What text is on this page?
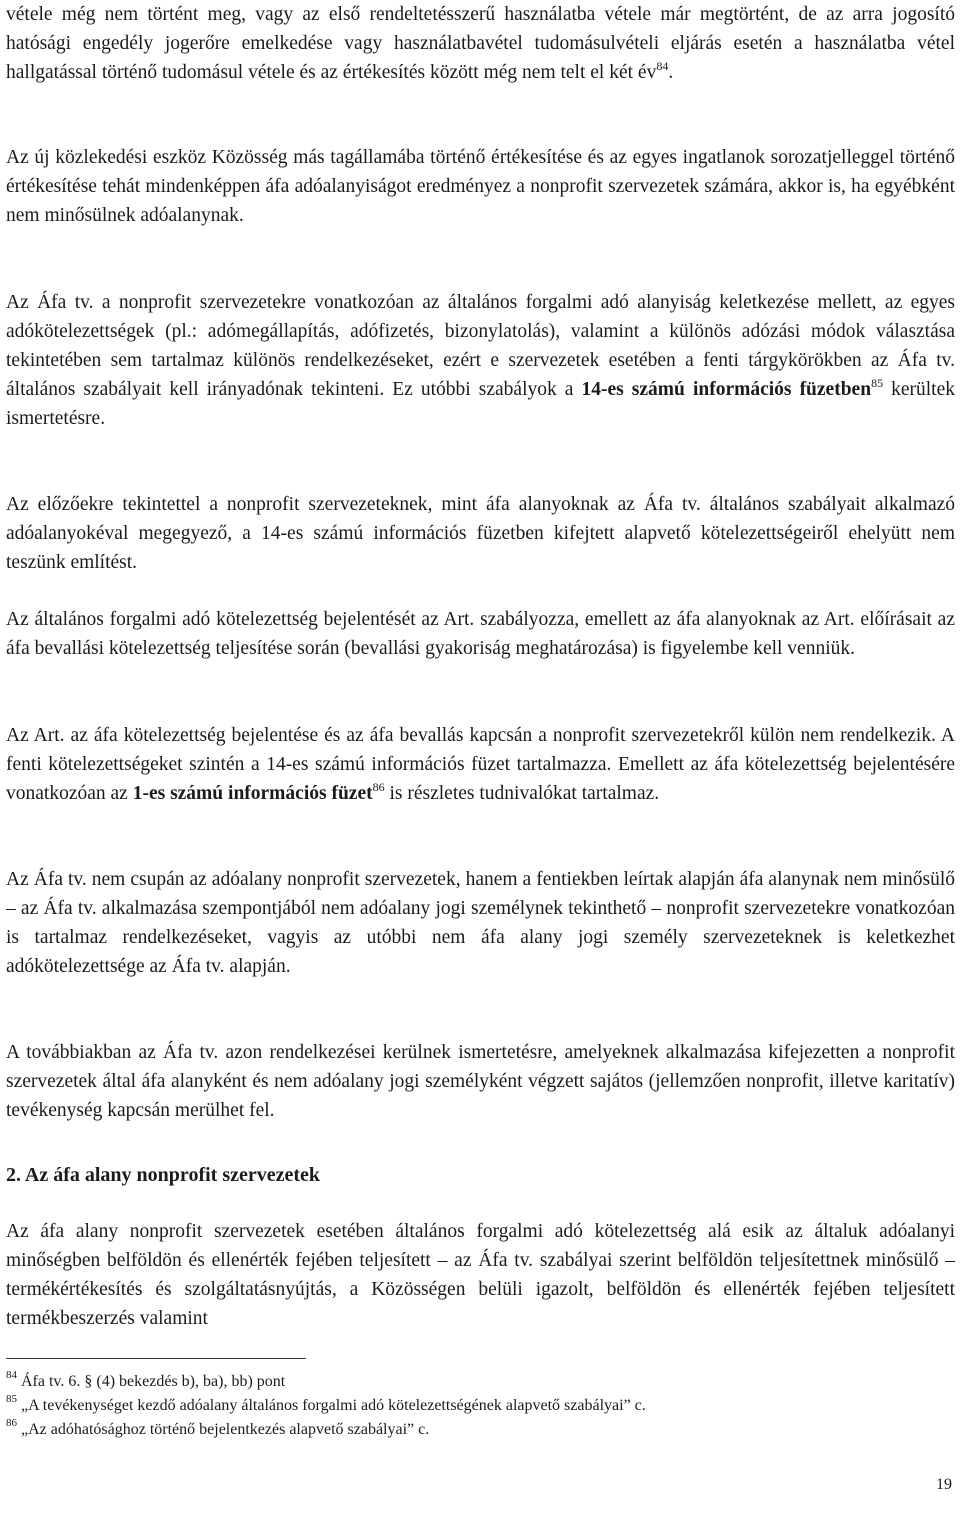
vétele még nem történt meg, vagy az első rendeltetésszerű használatba vétele már megtörtént, de az arra jogosító hatósági engedély jogerőre emelkedése vagy használatbavétel tudomásulvételi eljárás esetén a használatba vétel hallgatással történő tudomásul vétele és az értékesítés között még nem telt el két $év^{84}$.

Az új közlekedési eszköz Közösség más tagállamába történő értékesítése és az egyes ingatlanok sorozatjelleggel történő értékesítése tehát mindenképpen áfa adóalanyiságot eredményez a nonprofit szervezetek számára, akkor is, ha egyébként nem minősülnek adóalanynak.

Az Áfa tv. a nonprofit szervezetekre vonatkozóan az általános forgalmi adó alanyiság keletkezése mellett, az egyes adókötelezettségek (pl.: adómegállapítás, adófizetés, bizonylatolás), valamint a különös adózási módok választása tekintetében sem tartalmaz különös rendelkezéseket, ezért e szervezetek esetében a fenti tárgykörökben az Áfa tv. általános szabályait kell irányadónak tekinteni. Ez utóbbi szabályok a 14-es számú információs füzetben$^{85}$ kerültek ismertetésre.

Az előzőekre tekintettel a nonprofit szervezeteknek, mint áfa alanyoknak az Áfa tv. általános szabályait alkalmazó adóalanyokéval megegyező, a 14-es számú információs füzetben kifejtett alapvető kötelezettségeiről ehelyütt nem teszünk említést.

Az általános forgalmi adó kötelezettség bejelentését az Art. szabályozza, emellett az áfa alanyoknak az Art. előírásait az áfa bevallási kötelezettség teljesítése során (bevallási gyakoriság meghatározása) is figyelembe kell venniük.

Az Art. az áfa kötelezettség bejelentése és az áfa bevallás kapcsán a nonprofit szervezetekről külön nem rendelkezik. A fenti kötelezettségeket szintén a 14-es számú információs füzet tartalmazza. Emellett az áfa kötelezettség bejelentésére vonatkozóan az 1-es számú információs füzet$^{86}$ is részletes tudnivalókat tartalmaz.

Az Áfa tv. nem csupán az adóalany nonprofit szervezetek, hanem a fentiekben leírtak alapján áfa alanynak nem minősülő – az Áfa tv. alkalmazása szempontjából nem adóalany jogi személynek tekinthető – nonprofit szervezetekre vonatkozóan is tartalmaz rendelkezéseket, vagyis az utóbbi nem áfa alany jogi személy szervezeteknek is keletkezhet adókötelezettsége az Áfa tv. alapján.

A továbbiakban az Áfa tv. azon rendelkezései kerülnek ismertetésre, amelyeknek alkalmazása kifejezetten a nonprofit szervezetek által áfa alanyként és nem adóalany jogi személyként végzett sajátos (jellemzően nonprofit, illetve karitatív) tevékenység kapcsán merülhet fel.

2. Az áfa alany nonprofit szervezetek

Az áfa alany nonprofit szervezetek esetében általános forgalmi adó kötelezettség alá esik az általuk adóalanyi minőségben belföldön és ellenérték fejében teljesített – az Áfa tv. szabályai szerint belföldön teljesítettnek minősülő – termékértékesítés és szolgáltatásnyújtás, a Közösségen belüli igazolt, belföldön és ellenérték fejében teljesített termékbeszerzés valamint

$^{84}$ Áfa tv. 6. § (4) bekezdés b), ba), bb) pont

$^{85}$ „A tevékenységet kezdő adóalany általános forgalmi adó kötelezettségének alapvető szabályai” c.

$^{86}$ „Az adóhatósághoz történő bejelentkezés alapvető szabályai” c.

19
